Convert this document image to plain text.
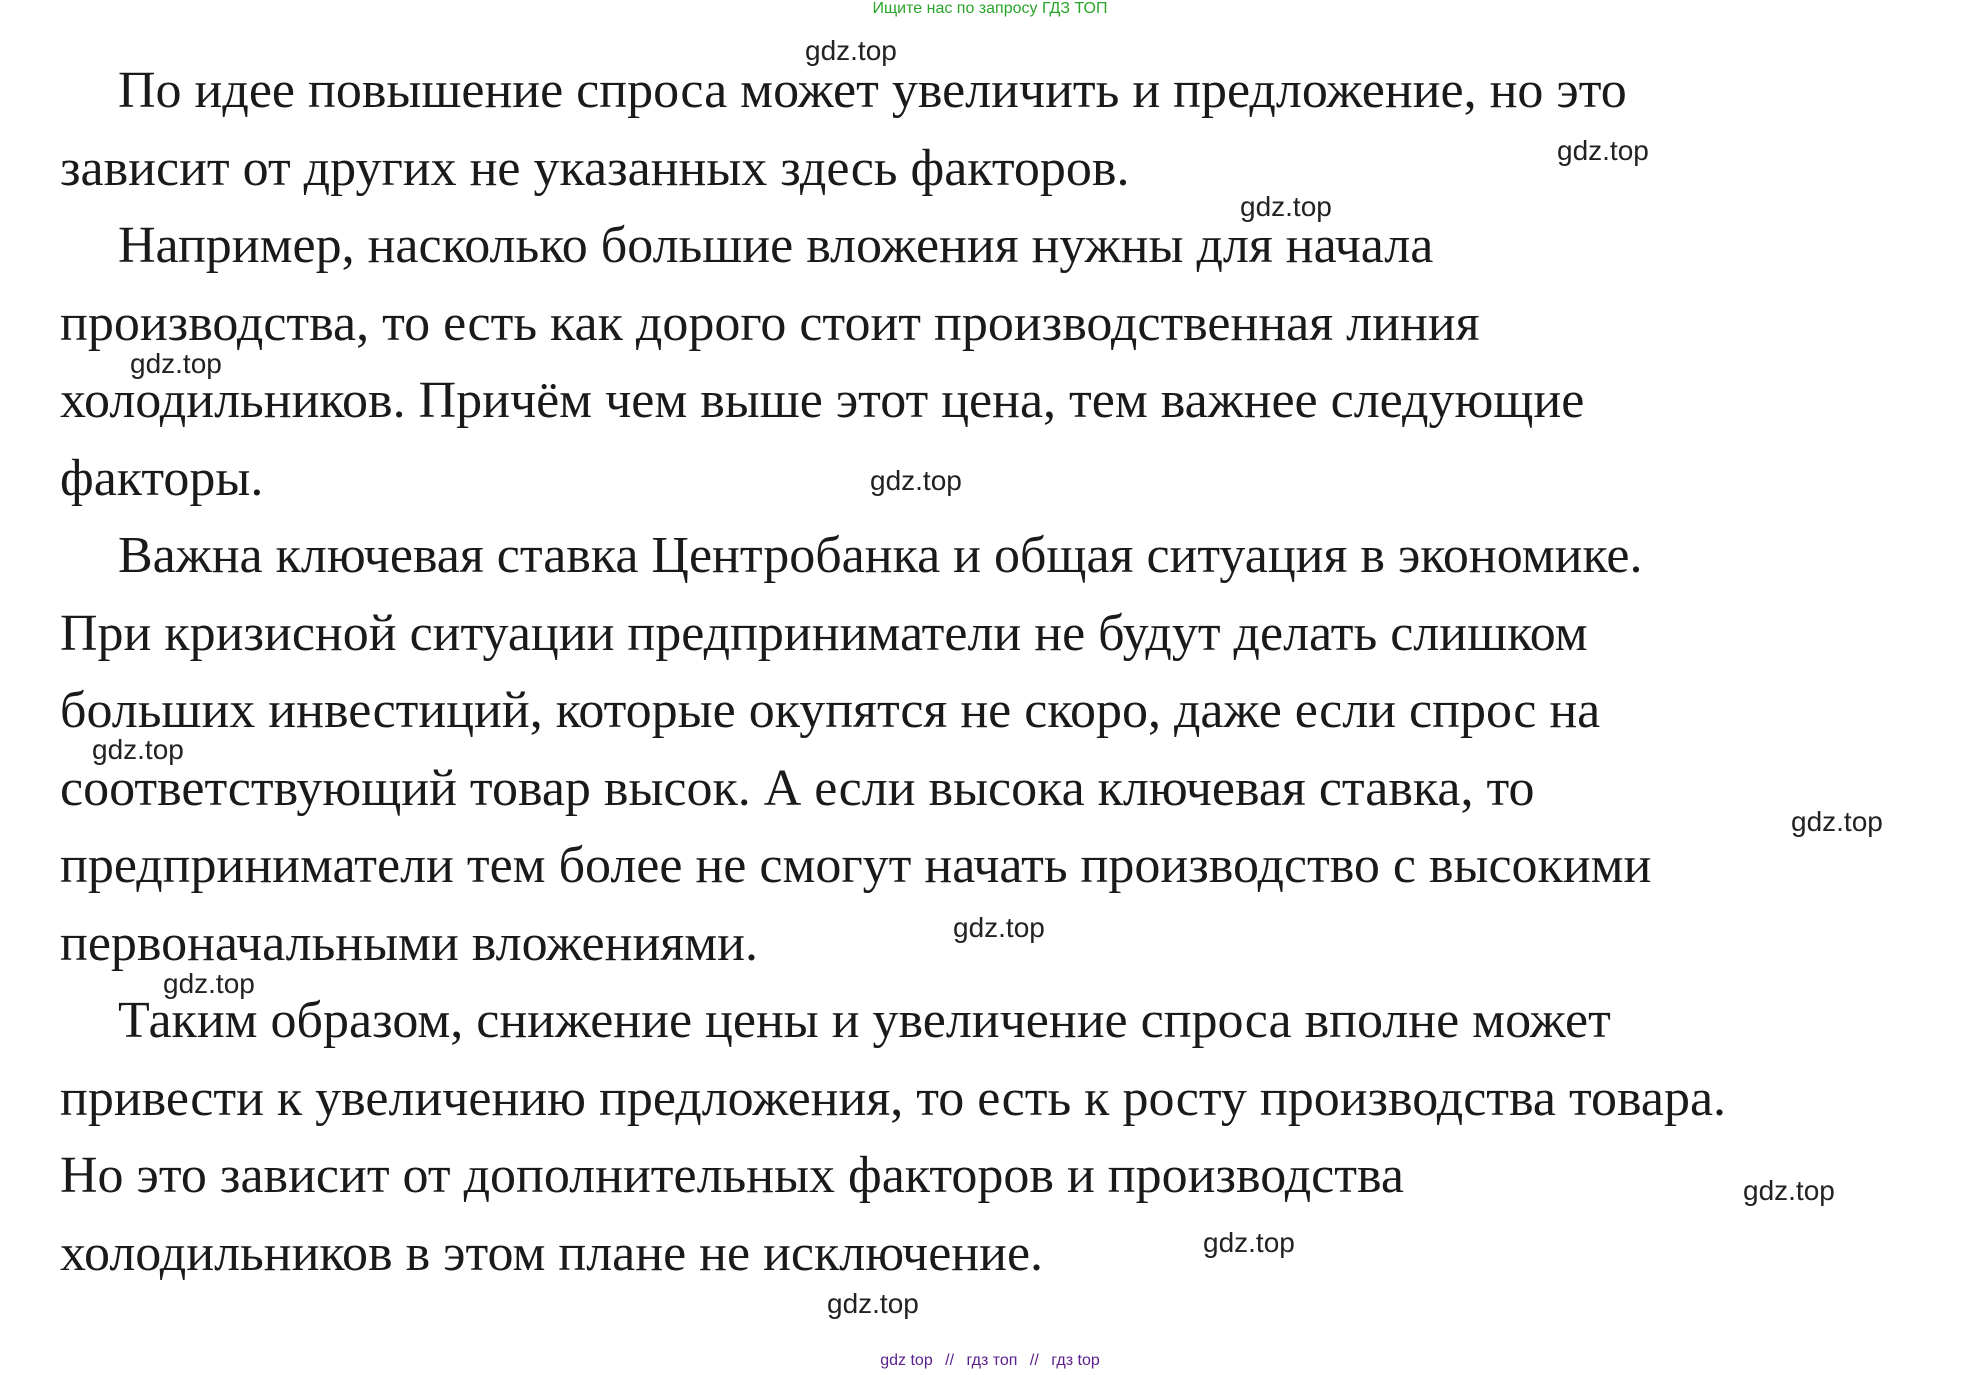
Ищите нас по запросу ГДЗ ТОП
По идее повышение спроса может увеличить и предложение, но это
зависит от других не указанных здесь факторов.
Например, насколько большие вложения нужны для начала
производства, то есть как дорого стоит производственная линия
холодильников. Причём чем выше этот цена, тем важнее следующие
факторы.
Важна ключевая ставка Центробанка и общая ситуация в экономике.
При кризисной ситуации предприниматели не будут делать слишком
больших инвестиций, которые окупятся не скоро, даже если спрос на
соответствующий товар высок. А если высока ключевая ставка, то
предприниматели тем более не смогут начать производство с высокими
первоначальными вложениями.
Таким образом, снижение цены и увеличение спроса вполне может
привести к увеличению предложения, то есть к росту производства товара.
Но это зависит от дополнительных факторов и производства
холодильников в этом плане не исключение.
gdz.top
gdz.top
gdz.top
gdz.top
gdz.top
gdz.top
gdz.top
gdz.top
gdz.top
gdz.top
gdz.top
gdz.top
gdz top // гдз топ // гдз top
